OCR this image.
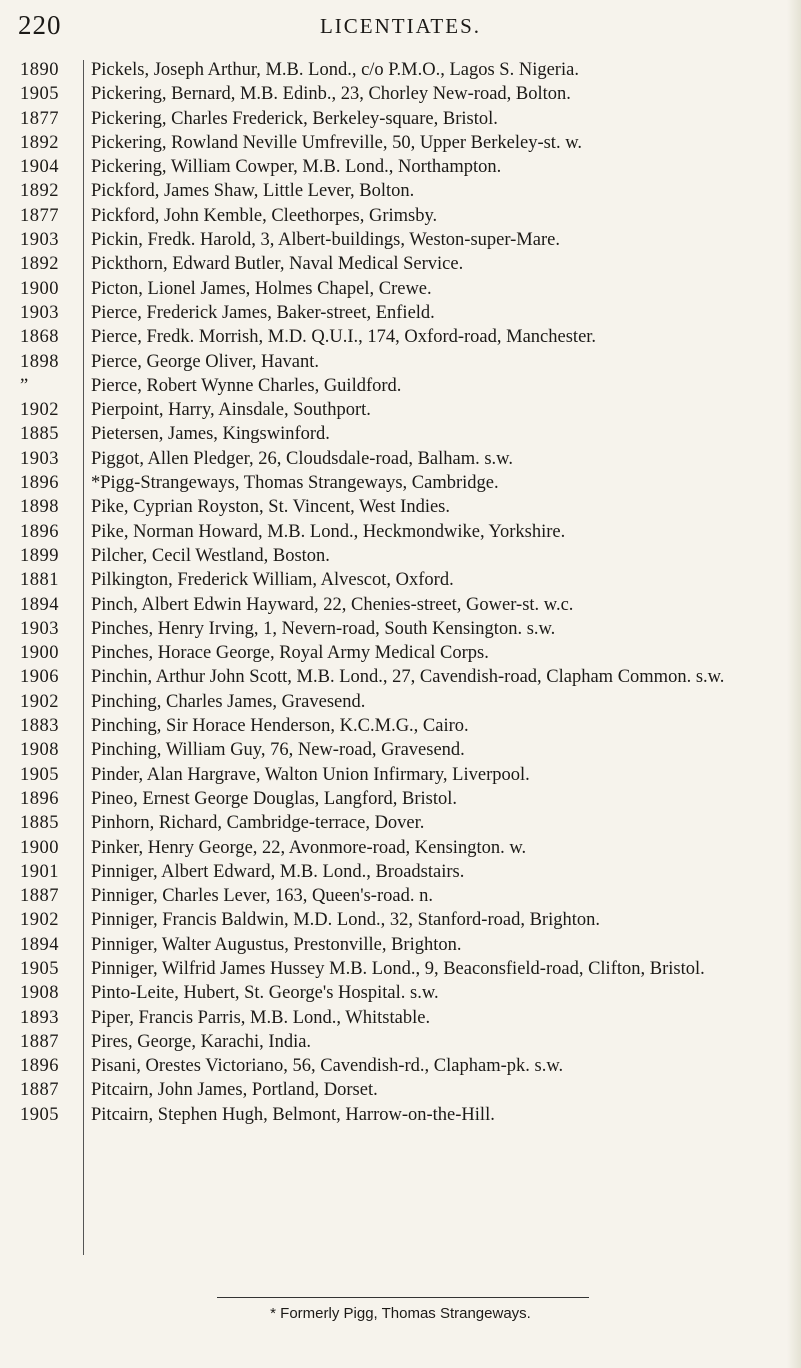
220	LICENTIATES.
1890	Pickels, Joseph Arthur, M.B. Lond., c/o P.M.O., Lagos S. Nigeria.
1905	Pickering, Bernard, M.B. Edinb., 23, Chorley New-road, Bolton.
1877	Pickering, Charles Frederick, Berkeley-square, Bristol.
1892	Pickering, Rowland Neville Umfreville, 50, Upper Berkeley-st. w.
1904	Pickering, William Cowper, M.B. Lond., Northampton.
1892	Pickford, James Shaw, Little Lever, Bolton.
1877	Pickford, John Kemble, Cleethorpes, Grimsby.
1903	Pickin, Fredk. Harold, 3, Albert-buildings, Weston-super-Mare.
1892	Pickthorn, Edward Butler, Naval Medical Service.
1900	Picton, Lionel James, Holmes Chapel, Crewe.
1903	Pierce, Frederick James, Baker-street, Enfield.
1868	Pierce, Fredk. Morrish, M.D. Q.U.I., 174, Oxford-road, Manchester.
1898	Pierce, George Oliver, Havant.
”	Pierce, Robert Wynne Charles, Guildford.
1902	Pierpoint, Harry, Ainsdale, Southport.
1885	Pietersen, James, Kingswinford.
1903	Piggot, Allen Pledger, 26, Cloudsdale-road, Balham. s.w.
1896	*Pigg-Strangeways, Thomas Strangeways, Cambridge.
1898	Pike, Cyprian Royston, St. Vincent, West Indies.
1896	Pike, Norman Howard, M.B. Lond., Heckmondwike, Yorkshire.
1899	Pilcher, Cecil Westland, Boston.
1881	Pilkington, Frederick William, Alvescot, Oxford.
1894	Pinch, Albert Edwin Hayward, 22, Chenies-street, Gower-st. w.c.
1903	Pinches, Henry Irving, 1, Nevern-road, South Kensington. s.w.
1900	Pinches, Horace George, Royal Army Medical Corps.
1906	Pinchin, Arthur John Scott, M.B. Lond., 27, Cavendish-road, Clapham Common. s.w.
1902	Pinching, Charles James, Gravesend.
1883	Pinching, Sir Horace Henderson, K.C.M.G., Cairo.
1908	Pinching, William Guy, 76, New-road, Gravesend.
1905	Pinder, Alan Hargrave, Walton Union Infirmary, Liverpool.
1896	Pineo, Ernest George Douglas, Langford, Bristol.
1885	Pinhorn, Richard, Cambridge-terrace, Dover.
1900	Pinker, Henry George, 22, Avonmore-road, Kensington. w.
1901	Pinniger, Albert Edward, M.B. Lond., Broadstairs.
1887	Pinniger, Charles Lever, 163, Queen's-road. n.
1902	Pinniger, Francis Baldwin, M.D. Lond., 32, Stanford-road, Brighton.
1894	Pinniger, Walter Augustus, Prestonville, Brighton.
1905	Pinniger, Wilfrid James Hussey M.B. Lond., 9, Beaconsfield-road, Clifton, Bristol.
1908	Pinto-Leite, Hubert, St. George's Hospital. s.w.
1893	Piper, Francis Parris, M.B. Lond., Whitstable.
1887	Pires, George, Karachi, India.
1896	Pisani, Orestes Victoriano, 56, Cavendish-rd., Clapham-pk. s.w.
1887	Pitcairn, John James, Portland, Dorset.
1905	Pitcairn, Stephen Hugh, Belmont, Harrow-on-the-Hill.
* Formerly Pigg, Thomas Strangeways.
